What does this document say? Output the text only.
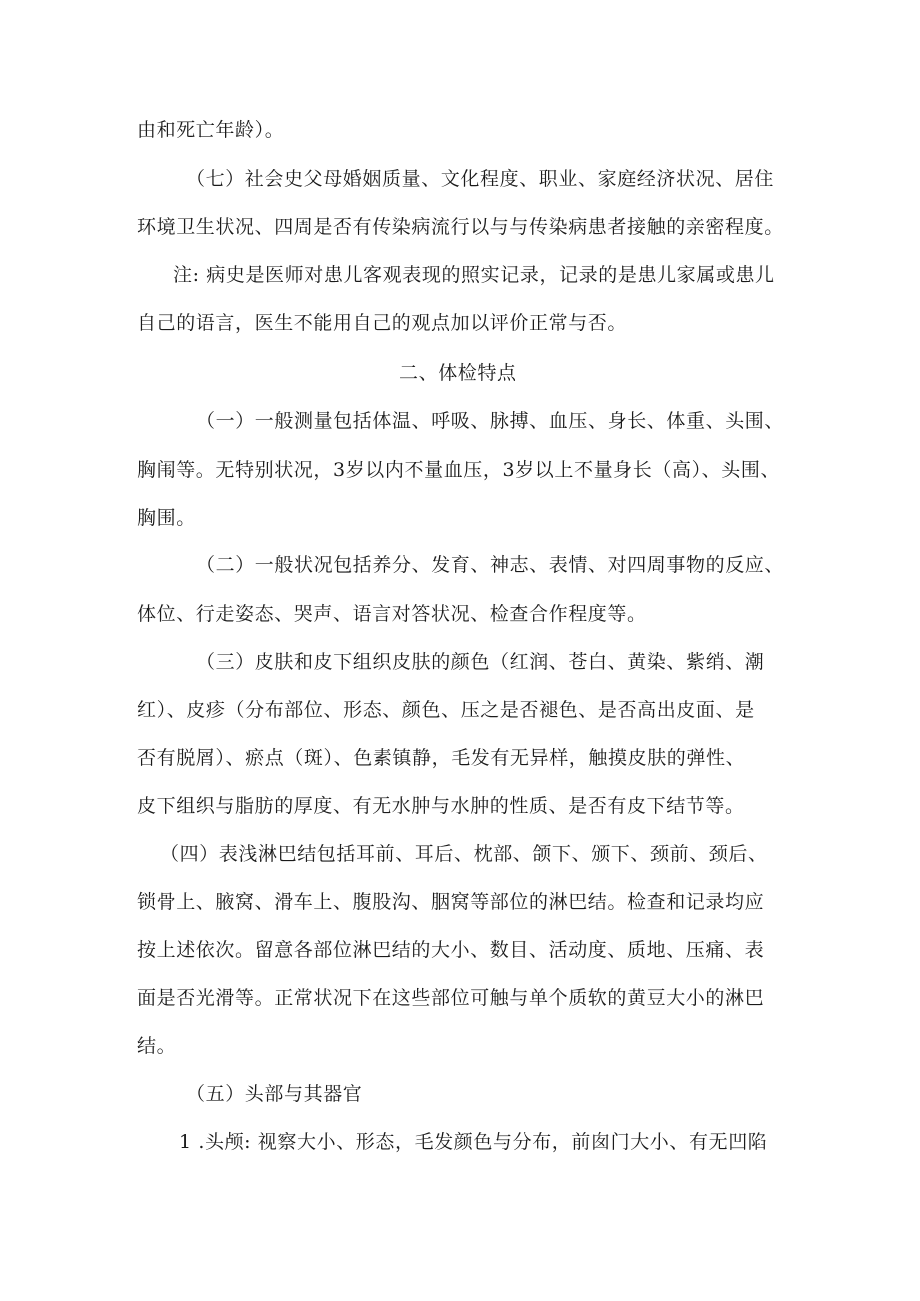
由和死亡年龄）。
（七）社会史父母婚姻质量、文化程度、职业、家庭经济状况、居住
环境卫生状况、四周是否有传染病流行以与与传染病患者接触的亲密程度。
注: 病史是医师对患儿客观表现的照实记录，记录的是患儿家属或患儿
自己的语言，医生不能用自己的观点加以评价正常与否。
二、体检特点
（一）一般测量包括体温、呼吸、脉搏、血压、身长、体重、头围、
胸闱等。无特别状况，3岁以内不量血压，3岁以上不量身长（高）、头围、
胸围。
（二）一般状况包括养分、发育、神志、表情、对四周事物的反应、
体位、行走姿态、哭声、语言对答状况、检查合作程度等。
（三）皮肤和皮下组织皮肤的颜色（红润、苍白、黄染、紫绡、潮
红）、皮疹（分布部位、形态、颜色、压之是否褪色、是否高出皮面、是
否有脱屑）、瘀点（斑）、色素镇静，毛发有无异样，触摸皮肤的弹性、
皮下组织与脂肪的厚度、有无水肿与水肿的性质、是否有皮下结节等。
（四）表浅淋巴结包括耳前、耳后、枕部、颌下、颁下、颈前、颈后、
锁骨上、腋窝、滑车上、腹股沟、胭窝等部位的淋巴结。检查和记录均应
按上述依次。留意各部位淋巴结的大小、数目、活动度、质地、压痛、表
面是否光滑等。正常状况下在这些部位可触与单个质软的黄豆大小的淋巴
结。
（五）头部与其器官
1 .头颅: 视察大小、形态，毛发颜色与分布，前囱门大小、有无凹陷
